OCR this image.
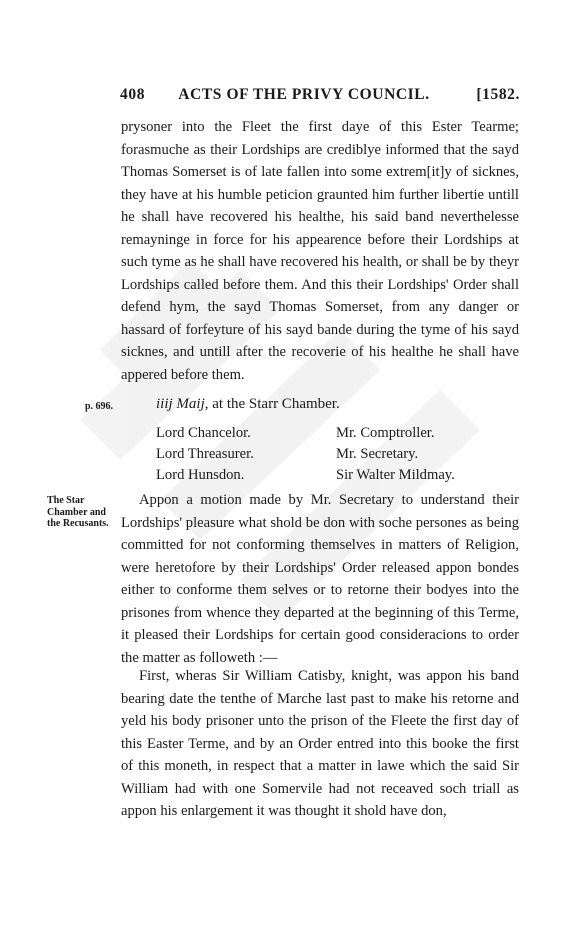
408	ACTS OF THE PRIVY COUNCIL.	[1582.

prysoner into the Fleet the first daye of this Ester Tearme; forasmuche as their Lordships are crediblye informed that the sayd Thomas Somerset is of late fallen into some extrem[it]y of sicknes, they have at his humble peticion graunted him further libertie untill he shall have recovered his healthe, his said band neverthelesse remayninge in force for his appearence before their Lordships at such tyme as he shall have recovered his health, or shall be by theyr Lordships called before them. And this their Lordships' Order shall defend hym, the sayd Thomas Somerset, from any danger or hassard of forfeyture of his sayd bande during the tyme of his sayd sicknes, and untill after the recoverie of his healthe he shall have appered before them.

p. 696.	iiij Maij, at the Starr Chamber.
Lord Chancelor.	Mr. Comptroller.
Lord Threasurer.	Mr. Secretary.
Lord Hunsdon.	Sir Walter Mildmay.
The Star
Chamber and
the Recusants.

Appon a motion made by Mr. Secretary to understand their Lordships' pleasure what shold be don with soche persones as being committed for not conforming themselves in matters of Religion, were heretofore by their Lordships' Order released appon bondes either to conforme them selves or to retorne their bodyes into the prisones from whence they departed at the beginning of this Terme, it pleased their Lordships for certain good consideracions to order the matter as followeth :—

First, wheras Sir William Catisby, knight, was appon his band bearing date the tenthe of Marche last past to make his retorne and yeld his body prisoner unto the prison of the Fleete the first day of this Easter Terme, and by an Order entred into this booke the first of this moneth, in respect that a matter in lawe which the said Sir William had with one Somervile had not receaved soch triall as appon his enlargement it was thought it shold have don,
